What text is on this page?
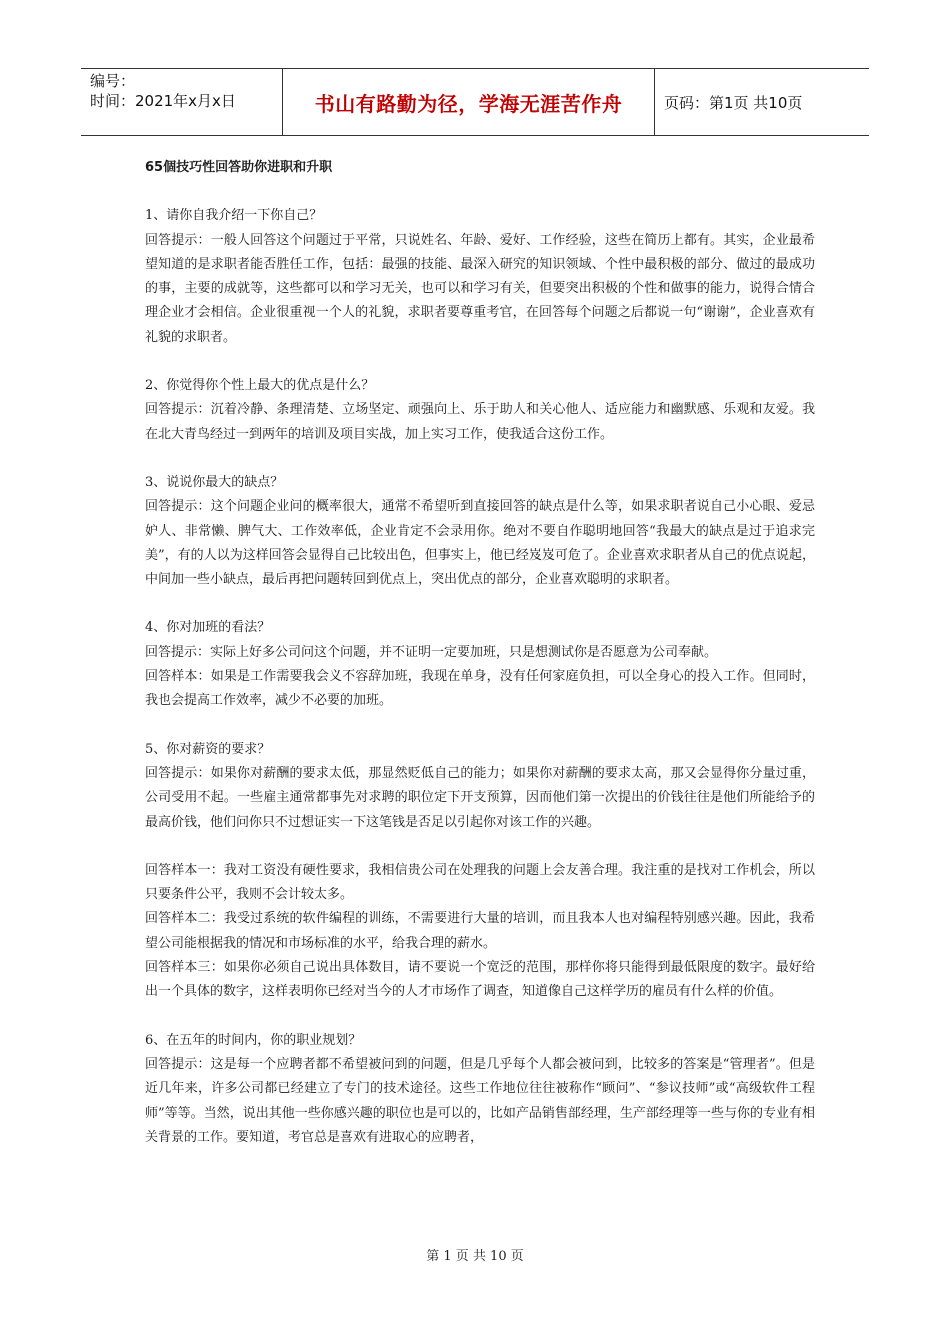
编号：
时间：2021年x月x日	书山有路勤为径，学海无涯苦作舟	页码：第1页 共10页
65個技巧性回答助你进职和升职

1、请你自我介绍一下你自己？

回答提示：一般人回答这个问题过于平常，只说姓名、年龄、爱好、工作经验，这些在简历上都有。其实，企业最希望知道的是求职者能否胜任工作，包括：最强的技能、最深入研究的知识领域、个性中最积极的部分、做过的最成功的事，主要的成就等，这些都可以和学习无关，也可以和学习有关，但要突出积极的个性和做事的能力，说得合情合理企业才会相信。企业很重视一个人的礼貌，求职者要尊重考官，在回答每个问题之后都说一句“谢谢”，企业喜欢有礼貌的求职者。

2、你觉得你个性上最大的优点是什么？

回答提示：沉着冷静、条理清楚、立场坚定、顽强向上、乐于助人和关心他人、适应能力和幽默感、乐观和友爱。我在北大青鸟经过一到两年的培训及项目实战，加上实习工作，使我适合这份工作。

3、说说你最大的缺点？

回答提示：这个问题企业问的概率很大，通常不希望听到直接回答的缺点是什么等，如果求职者说自己小心眼、爱忌妒人、非常懒、脾气大、工作效率低，企业肯定不会录用你。绝对不要自作聪明地回答“我最大的缺点是过于追求完美”，有的人以为这样回答会显得自己比较出色，但事实上，他已经岌岌可危了。企业喜欢求职者从自己的优点说起，中间加一些小缺点，最后再把问题转回到优点上，突出优点的部分，企业喜欢聪明的求职者。

4、你对加班的看法？

回答提示：实际上好多公司问这个问题，并不证明一定要加班，只是想测试你是否愿意为公司奉献。

回答样本：如果是工作需要我会义不容辞加班，我现在单身，没有任何家庭负担，可以全身心的投入工作。但同时，我也会提高工作效率，减少不必要的加班。

5、你对薪资的要求？

回答提示：如果你对薪酬的要求太低，那显然贬低自己的能力；如果你对薪酬的要求太高，那又会显得你分量过重，公司受用不起。一些雇主通常都事先对求聘的职位定下开支预算，因而他们第一次提出的价钱往往是他们所能给予的最高价钱，他们问你只不过想证实一下这笔钱是否足以引起你对该工作的兴趣。

回答样本一：我对工资没有硬性要求，我相信贵公司在处理我的问题上会友善合理。我注重的是找对工作机会，所以只要条件公平，我则不会计较太多。

回答样本二：我受过系统的软件编程的训练，不需要进行大量的培训，而且我本人也对编程特别感兴趣。因此，我希望公司能根据我的情况和市场标准的水平，给我合理的薪水。

回答样本三：如果你必须自己说出具体数目，请不要说一个宽泛的范围，那样你将只能得到最低限度的数字。最好给出一个具体的数字，这样表明你已经对当今的人才市场作了调查，知道像自己这样学历的雇员有什么样的价值。

6、在五年的时间内，你的职业规划？

回答提示：这是每一个应聘者都不希望被问到的问题，但是几乎每个人都会被问到，比较多的答案是“管理者”。但是近几年来，许多公司都已经建立了专门的技术途径。这些工作地位往往被称作“顾问”、“参议技师”或“高级软件工程师”等等。当然，说出其他一些你感兴趣的职位也是可以的，比如产品销售部经理，生产部经理等一些与你的专业有相关背景的工作。要知道，考官总是喜欢有进取心的应聘者，

第 1 页 共 10 页
